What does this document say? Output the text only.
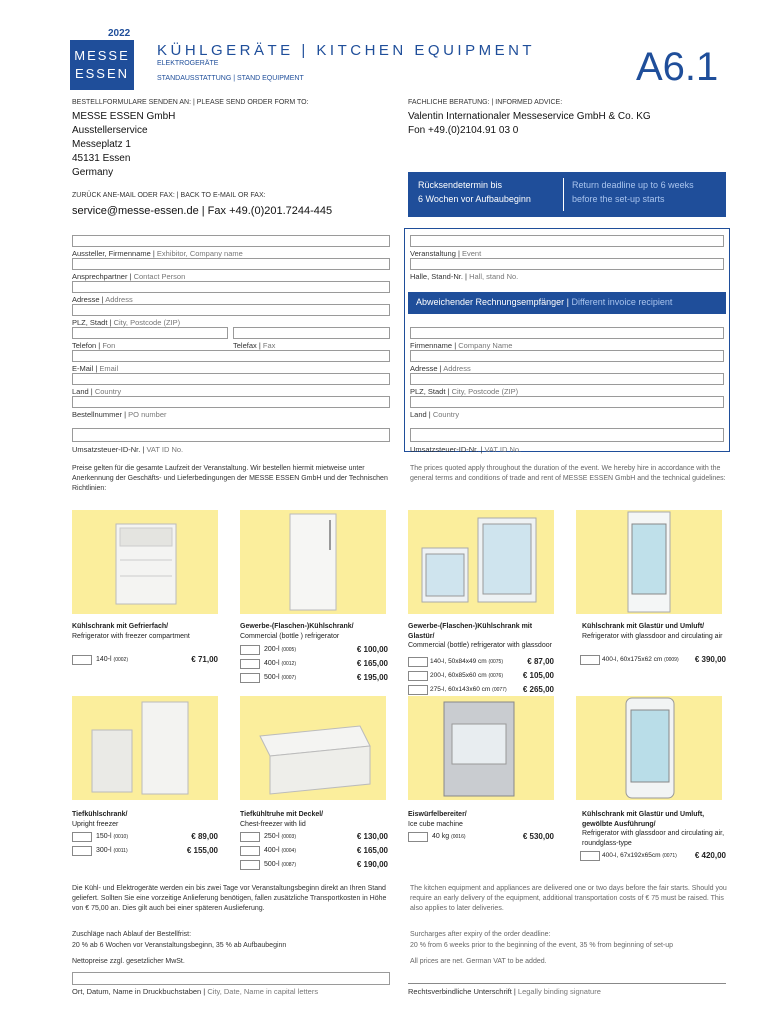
2022
MESSE
ESSEN
KÜHLGERÄTE | KITCHEN EQUIPMENT
ELEKTROGERÄTE
STANDAUSSTATTUNG | STAND EQUIPMENT	A6.1
BESTELLFORMULARE SENDEN AN: | PLEASE SEND ORDER FORM TO:
MESSE ESSEN GmbH
Ausstellerservice
Messeplatz 1
45131 Essen
Germany
FACHLICHE BERATUNG: | INFORMED ADVICE:
Valentin Internationaler Messeservice GmbH & Co. KG
Fon +49.(0)2104.91 03 0
ZURÜCK ANE-MAIL ODER FAX: | BACK TO E-MAIL OR FAX:
service@messe-essen.de | Fax +49.(0)201.7244-445
Rücksendetermin bis
6 Wochen vor Aufbaubeginn
Return deadline up to 6 weeks
before the set-up starts
Aussteller, Firmenname | Exhibitor, Company name
Ansprechpartner | Contact Person
Adresse | Address
PLZ, Stadt | City, Postcode (ZIP)
Telefon | Fon	Telefax | Fax
E-Mail | Email
Land | Country
Bestellnummer | PO number
Umsatzsteuer-ID-Nr. | VAT ID No.
Veranstaltung | Event
Halle, Stand-Nr. | Hall, stand No.
Abweichender Rechnungsempfänger | Different invoice recipient
Firmenname | Company Name
Adresse | Address
PLZ, Stadt | City, Postcode (ZIP)
Land | Country
Umsatzsteuer-ID-Nr. | VAT ID No.
Preise gelten für die gesamte Laufzeit der Veranstaltung. Wir bestellen hiermit mietweise unter Anerkennung der Geschäfts- und Lieferbedingungen der MESSE ESSEN GmbH und der Technischen Richtlinien:
The prices quoted apply throughout the duration of the event. We hereby hire in accordance with the general terms and conditions of trade and rent of MESSE ESSEN GmbH and the technical guidelines:
Kühlschrank mit Gefrierfach/
Refrigerator with freezer compartment
140-l (0002)	€ 71,00
Gewerbe-(Flaschen-)Kühlschrank/
Commercial (bottle ) refrigerator
200-l (0005)	€ 100,00
400-l (0012)	€ 165,00
500-l (0007)	€ 195,00
Gewerbe-(Flaschen-)Kühlschrank mit Glastür/
Commercial (bottle) refrigerator with glassdoor
140-l, 50x84x49 cm (0075)	€ 87,00
200-l, 60x85x60 cm (0076)	€ 105,00
275-l, 60x143x60 cm (0077)	€ 265,00
Kühlschrank mit Glastür und Umluft/
Refrigerator with glassdoor and circulating air
400-l, 60x175x62 cm (0009)	€ 390,00
Tiefkühlschrank/
Upright freezer
150-l (0010)	€ 89,00
300-l (0011)	€ 155,00
Tiefkühltruhe mit Deckel/
Chest-freezer with lid
250-l (0003)	€ 130,00
400-l (0004)	€ 165,00
500-l (0087)	€ 190,00
Eiswürfelbereiter/
Ice cube machine
40 kg (0016)	€ 530,00
Kühlschrank mit Glastür und Umluft, gewölbte Ausführung/
Refrigerator with glassdoor and circulating air, roundglass-type
400-l, 67x192x65cm (0071)	€ 420,00
Die Kühl- und Elektrogeräte werden ein bis zwei Tage vor Veranstaltungsbeginn direkt an Ihren Stand geliefert. Sollten Sie eine vorzeitige Anlieferung benötigen, fallen zusätzliche Transportkosten in Höhe von € 75,00 an. Dies gilt auch bei einer späteren Auslieferung.
The kitchen equipment and appliances are delivered one or two days before the fair starts. Should you require an early delivery of the equipment, additional transportation costs of € 75 must be raised. This also applies to later deliveries.
Zuschläge nach Ablauf der Bestellfrist:
20 % ab 6 Wochen vor Veranstaltungsbeginn, 35 % ab Aufbaubeginn
Surcharges after expiry of the order deadline:
20 % from 6 weeks prior to the beginning of the event, 35 % from beginning of set-up
Nettopreise zzgl. gesetzlicher MwSt.	All prices are net. German VAT to be added.
Ort, Datum, Name in Druckbuchstaben | City, Date, Name in capital letters	Rechtsverbindliche Unterschrift | Legally binding signature
